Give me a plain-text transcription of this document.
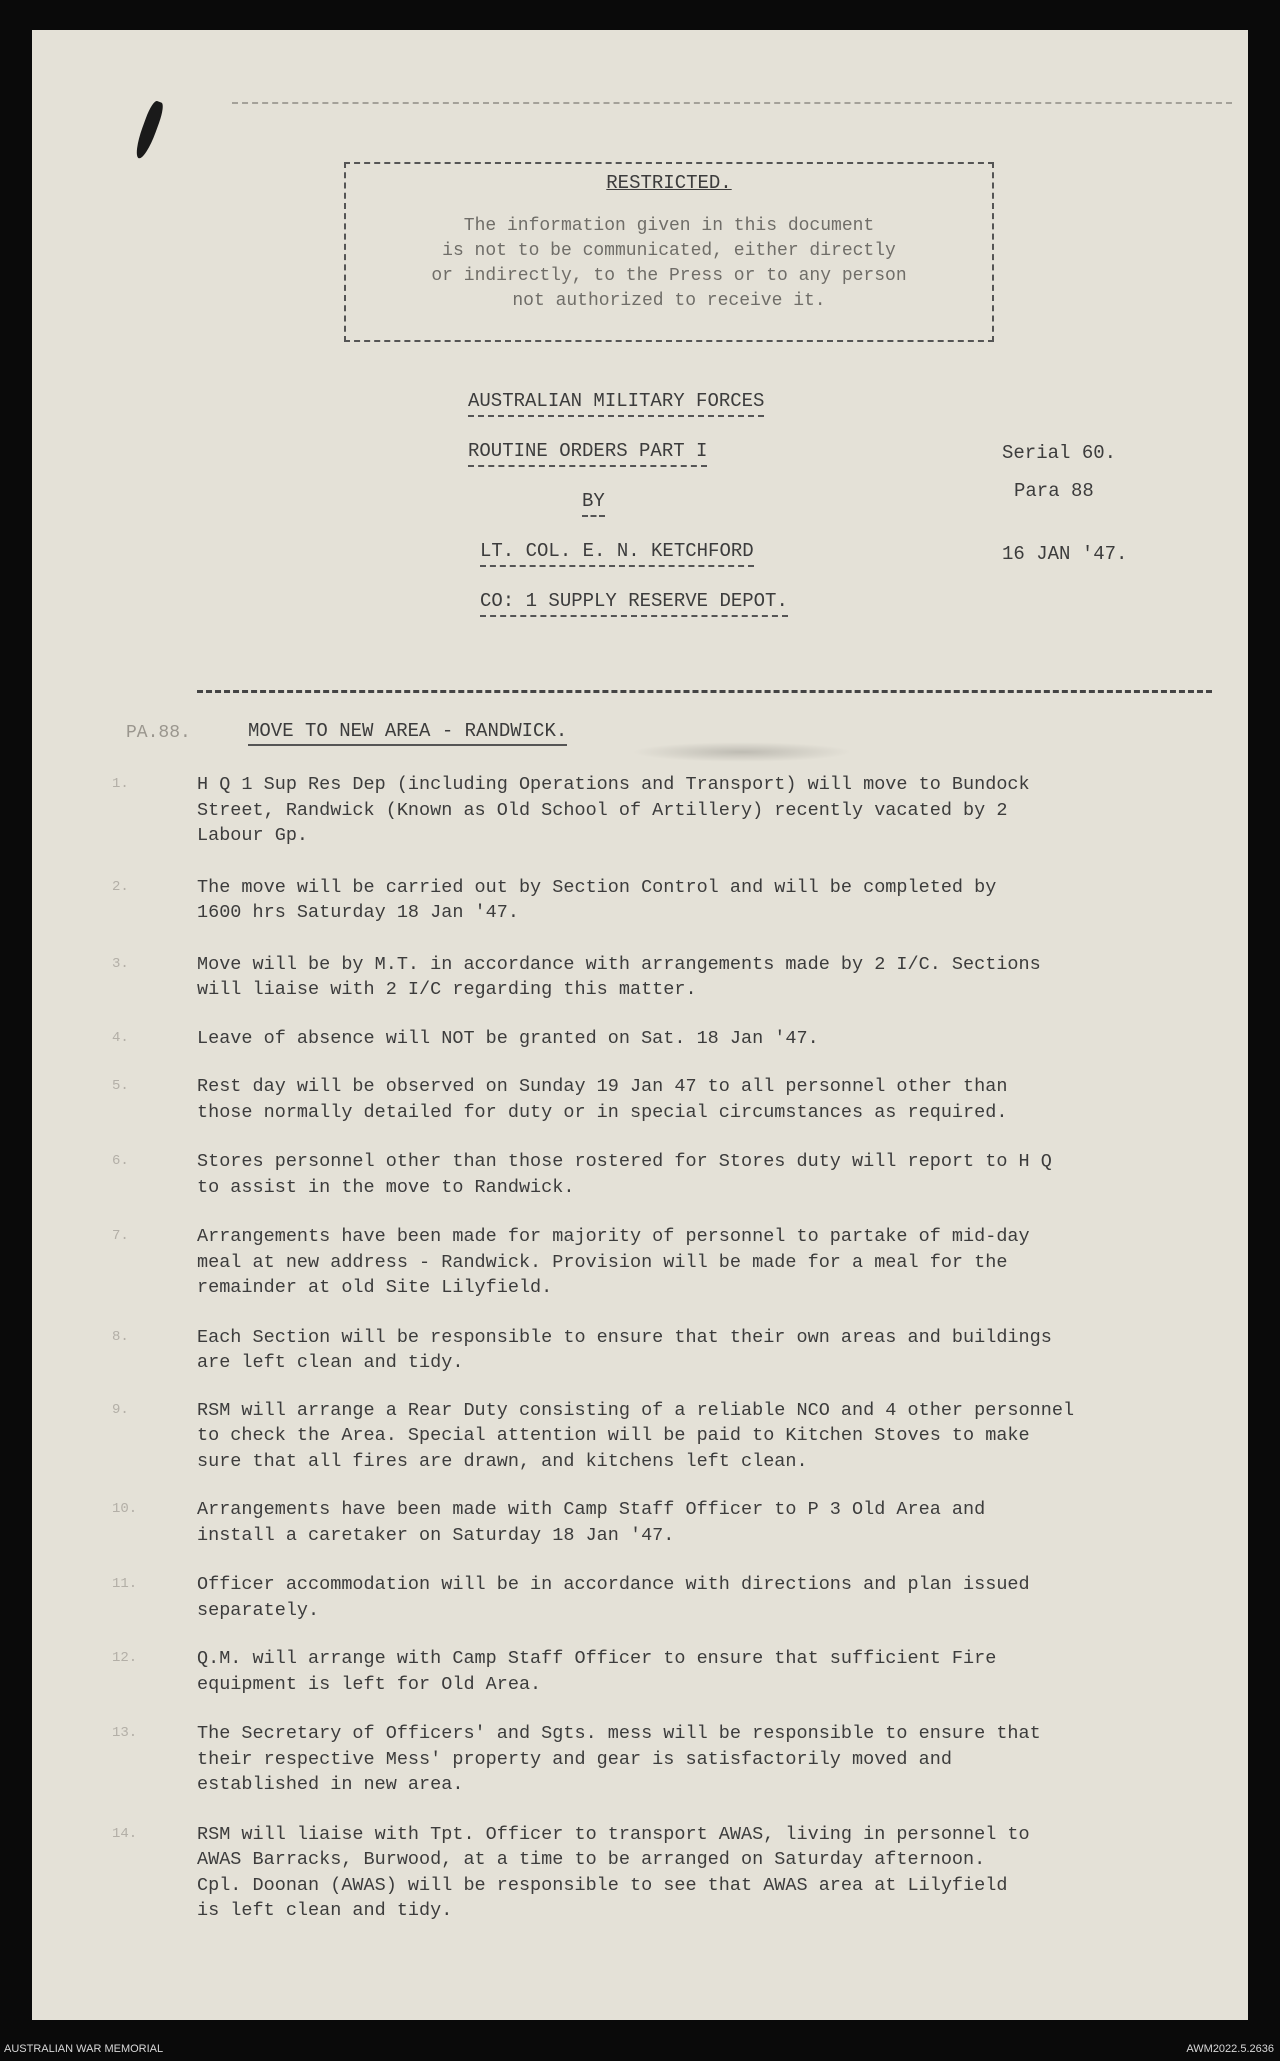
RESTRICTED.
The information given in this document
is not to be communicated, either directly
or indirectly, to the Press or to any person
not authorized to receive it.
AUSTRALIAN MILITARY FORCES
ROUTINE ORDERS PART I
BY
LT. COL. E. N. KETCHFORD
CO: 1 SUPPLY RESERVE DEPOT.
Serial 60.
Para 88
16 JAN '47.
PA.88.	MOVE TO NEW AREA - RANDWICK.
1.	H Q 1 Sup Res Dep (including Operations and Transport) will move to Bundock
Street, Randwick (Known as Old School of Artillery) recently vacated by 2
Labour Gp.
2.	The move will be carried out by Section Control and will be completed by
1600 hrs Saturday 18 Jan '47.
3.	Move will be by M.T. in accordance with arrangements made by 2 I/C. Sections
will liaise with 2 I/C regarding this matter.
4.	Leave of absence will NOT be granted on Sat. 18 Jan '47.
5.	Rest day will be observed on Sunday 19 Jan 47 to all personnel other than
those normally detailed for duty or in special circumstances as required.
6.	Stores personnel other than those rostered for Stores duty will report to H Q
to assist in the move to Randwick.
7.	Arrangements have been made for majority of personnel to partake of mid-day
meal at new address - Randwick. Provision will be made for a meal for the
remainder at old Site Lilyfield.
8.	Each Section will be responsible to ensure that their own areas and buildings
are left clean and tidy.
9.	RSM will arrange a Rear Duty consisting of a reliable NCO and 4 other personnel
to check the Area. Special attention will be paid to Kitchen Stoves to make
sure that all fires are drawn, and kitchens left clean.
10.	Arrangements have been made with Camp Staff Officer to P 3 Old Area and
install a caretaker on Saturday 18 Jan '47.
11.	Officer accommodation will be in accordance with directions and plan issued
separately.
12.	Q.M. will arrange with Camp Staff Officer to ensure that sufficient Fire
equipment is left for Old Area.
13.	The Secretary of Officers' and Sgts. mess will be responsible to ensure that
their respective Mess' property and gear is satisfactorily moved and
established in new area.
14.	RSM will liaise with Tpt. Officer to transport AWAS, living in personnel to
AWAS Barracks, Burwood, at a time to be arranged on Saturday afternoon.
Cpl. Doonan (AWAS) will be responsible to see that AWAS area at Lilyfield
is left clean and tidy.
AUSTRALIAN WAR MEMORIAL	AWM2022.5.2636
